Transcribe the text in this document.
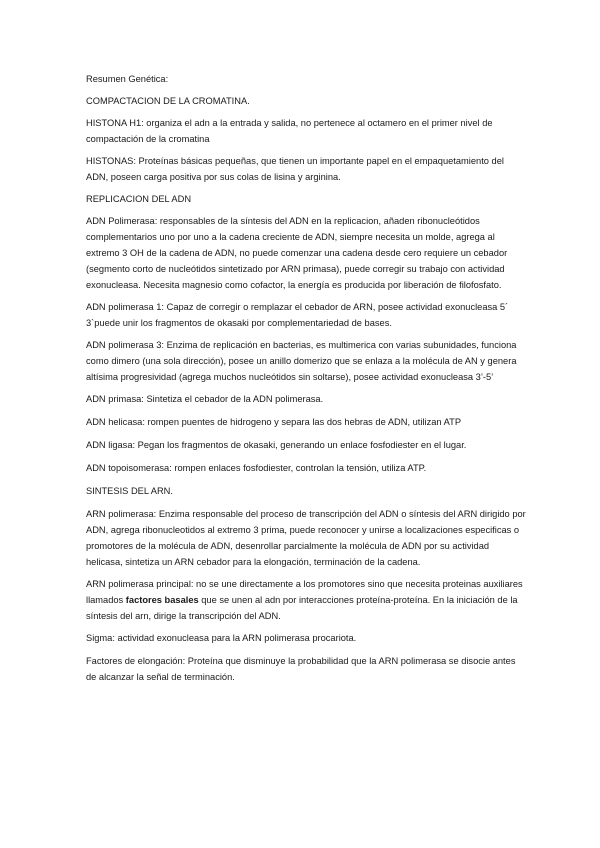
Resumen Genética:

COMPACTACION DE LA CROMATINA.

HISTONA H1: organiza el adn a la entrada y salida, no pertenece al octamero en el primer nivel de compactación de la cromatina

HISTONAS: Proteínas básicas pequeñas, que tienen un importante papel en el empaquetamiento del ADN, poseen carga positiva por sus colas de lisina y arginina.

REPLICACION DEL ADN

ADN Polimerasa: responsables de la síntesis del ADN en la replicacion, añaden ribonucleótidos complementarios uno por uno a la cadena creciente de ADN, siempre necesita un molde, agrega al extremo 3 OH de la cadena de ADN, no puede comenzar una cadena desde cero requiere un cebador (segmento corto de nucleótidos sintetizado por ARN primasa), puede corregir su trabajo con actividad exonucleasa. Necesita magnesio como cofactor, la energía es producida por liberación de filofosfato.

ADN polimerasa 1: Capaz de corregir o remplazar el cebador de ARN, posee actividad exonucleasa 5´ 3`puede unir los fragmentos de okasaki por complementariedad de bases.

ADN polimerasa 3: Enzima de replicación en bacterias, es multimerica con varias subunidades, funciona como dimero (una sola dirección), posee un anillo domerizo que se enlaza a la molécula de AN y genera altísima progresividad (agrega muchos nucleótidos sin soltarse), posee actividad exonucleasa 3’-5’

ADN primasa: Sintetiza el cebador de la ADN polimerasa.

ADN helicasa: rompen puentes de hidrogeno y separa las dos hebras de ADN, utilizan ATP

ADN ligasa: Pegan los fragmentos de okasaki, generando un enlace fosfodiester en el lugar.

ADN topoisomerasa: rompen enlaces fosfodiester, controlan la tensión, utiliza ATP.

SINTESIS DEL ARN.

ARN polimerasa: Enzima responsable del proceso de transcripción del ADN o síntesis del ARN dirigido por ADN, agrega ribonucleotidos al extremo 3 prima, puede reconocer y unirse a localizaciones especificas o promotores de la molécula de ADN, desenrollar parcialmente la molécula de ADN por su actividad helicasa, sintetiza un ARN cebador para la elongación, terminación de la cadena.

ARN polimerasa principal: no se une directamente a los promotores sino que necesita proteinas auxiliares llamados factores basales que se unen al adn por interacciones proteína-proteína. En la iniciación de la síntesis del arn, dirige la transcripción del ADN.

Sigma: actividad exonucleasa para la ARN polimerasa procariota.

Factores de elongación: Proteína que disminuye la probabilidad que la ARN polimerasa se disocie antes de alcanzar la señal de terminación.
